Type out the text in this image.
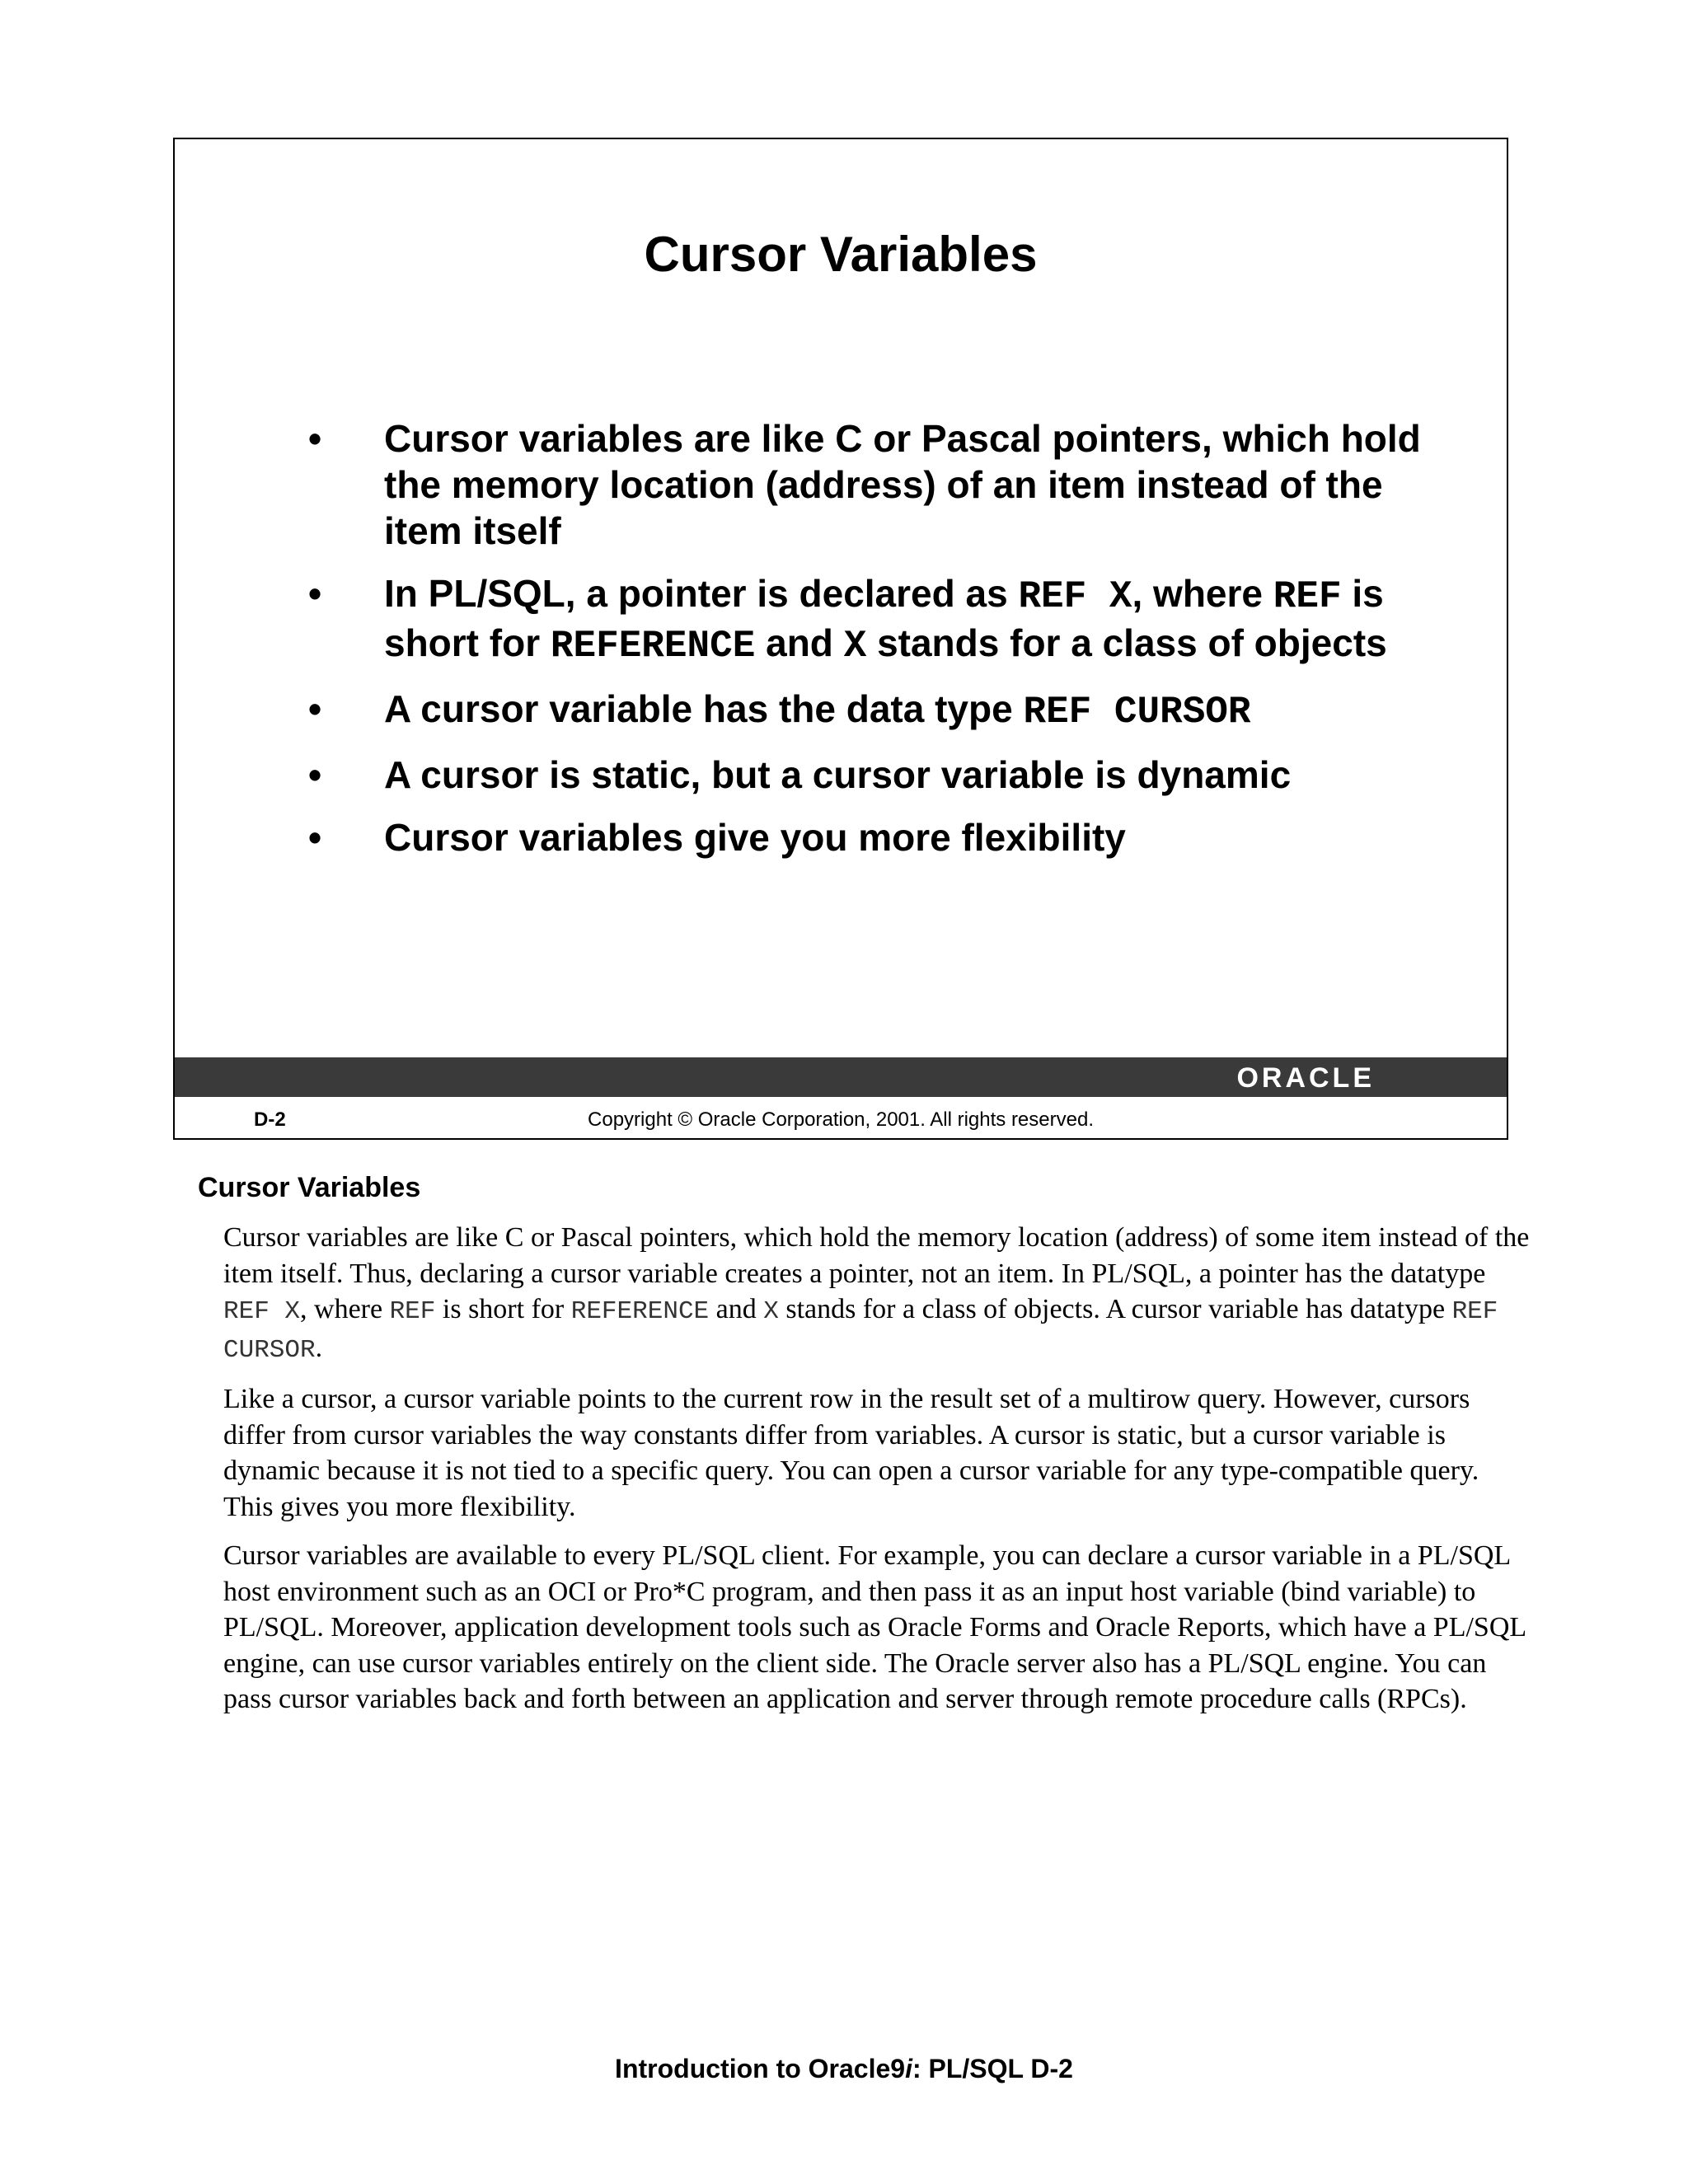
Cursor Variables
• Cursor variables are like C or Pascal pointers, which hold the memory location (address) of an item instead of the item itself
• In PL/SQL, a pointer is declared as REF X, where REF is short for REFERENCE and X stands for a class of objects
• A cursor variable has the data type REF CURSOR
• A cursor is static, but a cursor variable is dynamic
• Cursor variables give you more flexibility
ORACLE
D-2	Copyright © Oracle Corporation, 2001. All rights reserved.
Cursor Variables

Cursor variables are like C or Pascal pointers, which hold the memory location (address) of some item instead of the item itself. Thus, declaring a cursor variable creates a pointer, not an item. In PL/SQL, a pointer has the datatype REF X, where REF is short for REFERENCE and X stands for a class of objects. A cursor variable has datatype REF CURSOR.

Like a cursor, a cursor variable points to the current row in the result set of a multirow query. However, cursors differ from cursor variables the way constants differ from variables. A cursor is static, but a cursor variable is dynamic because it is not tied to a specific query. You can open a cursor variable for any type-compatible query. This gives you more flexibility.

Cursor variables are available to every PL/SQL client. For example, you can declare a cursor variable in a PL/SQL host environment such as an OCI or Pro*C program, and then pass it as an input host variable (bind variable) to PL/SQL. Moreover, application development tools such as Oracle Forms and Oracle Reports, which have a PL/SQL engine, can use cursor variables entirely on the client side. The Oracle server also has a PL/SQL engine. You can pass cursor variables back and forth between an application and server through remote procedure calls (RPCs).

Introduction to Oracle9i: PL/SQL D-2
